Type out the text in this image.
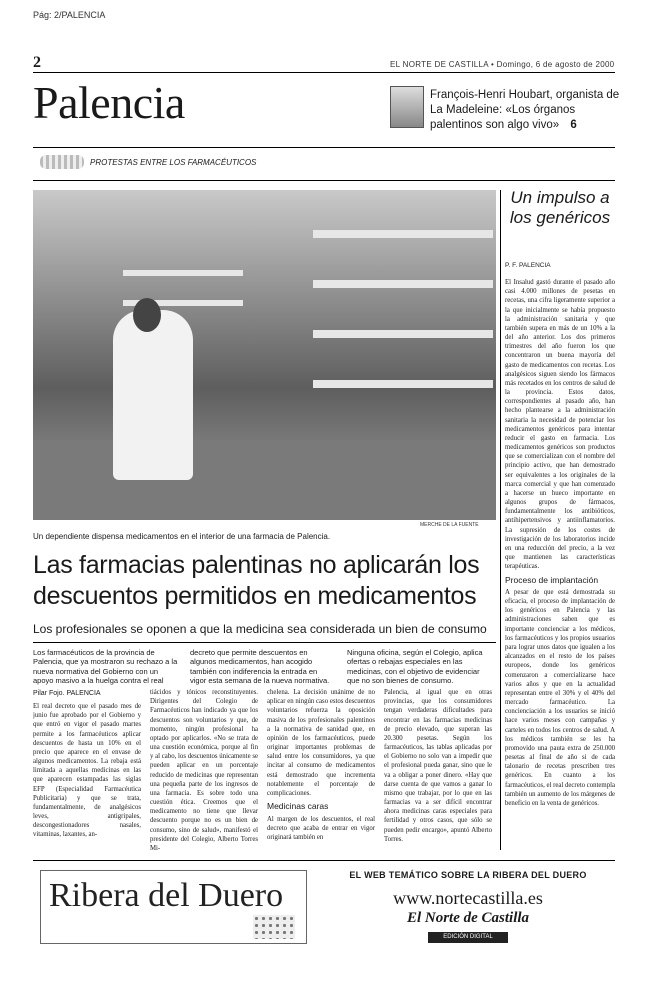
Pág: 2/PALENCIA
2	EL NORTE DE CASTILLA • Domingo, 6 de agosto de 2000
Palencia	François-Henri Houbart, organista de La Madeleine: «Los órganos palentinos son algo vivo» 6
PROTESTAS ENTRE LOS FARMACÉUTICOS
MERCHE DE LA FUENTE
Un dependiente dispensa medicamentos en el interior de una farmacia de Palencia.
Las farmacias palentinas no aplicarán los descuentos permitidos en medicamentos
Los profesionales se oponen a que la medicina sea considerada un bien de consumo
Los farmacéuticos de la provincia de Palencia, que ya mostraron su rechazo a la nueva normativa del Gobierno con un apoyo masivo a la huelga contra el real
decreto que permite descuentos en algunos medicamentos, han acogido también con indiferencia la entrada en vigor esta semana de la nueva normativa.
Ninguna oficina, según el Colegio, aplica ofertas o rebajas especiales en las medicinas, con el objetivo de evidenciar que no son bienes de consumo.
Pilar Fojo. PALENCIA
El real decreto que el pasado mes de junio fue aprobado por el Gobierno y que entró en vigor el pasado martes permite a los farmacéuticos aplicar descuentos de hasta un 10% en el precio que aparece en el envase de algunos medicamentos. La rebaja está limitada a aquellas medicinas en las que aparecen estampadas las siglas EFP (Especialidad Farmacéutica Publicitaria) y que se trata, fundamentalmente, de analgésicos leves, antigripales, descongestionadores nasales, vitaminas, laxantes, an-
tiácidos y tónicos reconstituyentes. Dirigentes del Colegio de Farmacéuticos han indicado ya que los descuentos son voluntarios y que, de momento, ningún profesional ha optado por aplicarlos. «No se trata de una cuestión económica, porque al fin y al cabo, los descuentos únicamente se pueden aplicar en un porcentaje reducido de medicinas que representan una pequeña parte de los ingresos de una farmacia. Es sobre todo una cuestión ética. Creemos que el medicamento no tiene que llevar descuento porque no es un bien de consumo, sino de salud», manifestó el presidente del Colegio, Alberto Torres Mi-
chelena. La decisión unánime de no aplicar en ningún caso estos descuentos voluntarios refuerza la oposición masiva de los profesionales palentinos a la normativa de sanidad que, en opinión de los farmacéuticos, puede originar importantes problemas de salud entre los consumidores, ya que incitar al consumo de medicamentos está demostrado que incrementa notablemente el porcentaje de complicaciones.
Medicinas caras
Al margen de los descuentos, el real decreto que acaba de entrar en vigor originará también en
Palencia, al igual que en otras provincias, que los consumidores tengan verdaderas dificultades para encontrar en las farmacias medicinas de precio elevado, que superan las 20.300 pesetas. Según los farmacéuticos, las tablas aplicadas por el Gobierno no solo van a impedir que el profesional pueda ganar, sino que le va a obligar a poner dinero. «Hay que darse cuenta de que vamos a ganar lo mismo que trabajar, por lo que en las farmacias va a ser difícil encontrar ahora medicinas caras especiales para fertilidad y otros casos, que sólo se pueden pedir encargo», apuntó Alberto Torres.
Un impulso a los genéricos
P. F. PALENCIA
El Insalud gastó durante el pasado año casi 4.000 millones de pesetas en recetas, una cifra ligeramente superior a la que inicialmente se había propuesto la administración sanitaria y que también supera en más de un 10% a la del año anterior. Los dos primeros trimestres del año fueron los que concentraron un buena mayoría del gasto de medicamentos con recetas. Los analgésicos siguen siendo los fármacos más recetados en los centros de salud de la provincia. Estos datos, correspondientes al pasado año, han hecho plantearse a la administración sanitaria la necesidad de potenciar los medicamentos genéricos para intentar reducir el gasto en farmacia. Los medicamentos genéricos son productos que se comercializan con el nombre del principio activo, que han demostrado ser equivalentes a los originales de la marca comercial y que han comenzado a hacerse un hueco importante en algunos grupos de fármacos, fundamentalmente los antibióticos, antihipertensivos y antiinflamatorios. La supresión de los costes de investigación de los laboratorios incide en una reducción del precio, a la vez que mantienen las características terapéuticas.
Proceso de implantación
A pesar de que está demostrada su eficacia, el proceso de implantación de los genéricos en Palencia y las administraciones saben que es importante concienciar a los médicos, los farmacéuticos y los propios usuarios para lograr unos datos que igualen a los alcanzados en el resto de los países europeos, donde los genéricos comenzaron a comercializarse hace varios años y que en la actualidad representan entre el 30% y el 40% del mercado farmacéutico. La concienciación a los usuarios se inició hace varios meses con campañas y carteles en todos los centros de salud. A los médicos también se les ha promovido una pauta extra de 250.000 pesetas al final de año si de cada talonario de recetas prescriben tres genéricos. En cuanto a los farmacéuticos, el real decreto contempla también un aumento de los márgenes de beneficio en la venta de genéricos.
Ribera del Duero
EL WEB TEMÁTICO SOBRE LA RIBERA DEL DUERO
www.nortecastilla.es
El Norte de Castilla
EDICIÓN DIGITAL
